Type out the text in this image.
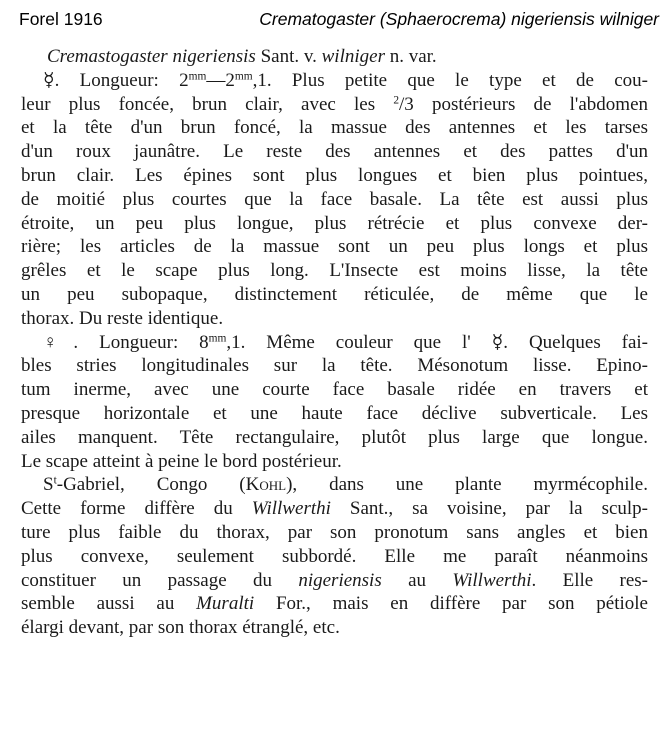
Forel 1916	Crematogaster (Sphaerocrema) nigeriensis wilniger
Cremastogaster nigeriensis Sant. v. wilniger n. var.
☿. Longueur: $2^{mm}—2^{mm},1$. Plus petite que le type et de cou-
leur plus foncée, brun clair, avec les $^2$/3 postérieurs de l'abdomen
et la tête d'un brun foncé, la massue des antennes et les tarses
d'un roux jaunâtre. Le reste des antennes et des pattes d'un
brun clair. Les épines sont plus longues et bien plus pointues,
de moitié plus courtes que la face basale. La tête est aussi plus
étroite, un peu plus longue, plus rétrécie et plus convexe der-
rière; les articles de la massue sont un peu plus longs et plus
grêles et le scape plus long. L'Insecte est moins lisse, la tête
un peu subopaque, distinctement réticulée, de même que le
thorax. Du reste identique.
♀. Longueur: $8^{mm},1$. Même couleur que l' ☿. Quelques fai-
bles stries longitudinales sur la tête. Mésonotum lisse. Epino-
tum inerme, avec une courte face basale ridée en travers et
presque horizontale et une haute face déclive subverticale. Les
ailes manquent. Tête rectangulaire, plutôt plus large que longue.
Le scape atteint à peine le bord postérieur.
$S^t$-Gabriel, Congo (Kohl), dans une plante myrmécophile.
Cette forme diffère du Willwerthi Sant., sa voisine, par la sculp-
ture plus faible du thorax, par son pronotum sans angles et bien
plus convexe, seulement subbordé. Elle me paraît néanmoins
constituer un passage du nigeriensis au Willwerthi. Elle res-
semble aussi au Muralti For., mais en diffère par son pétiole
élargi devant, par son thorax étranglé, etc.
